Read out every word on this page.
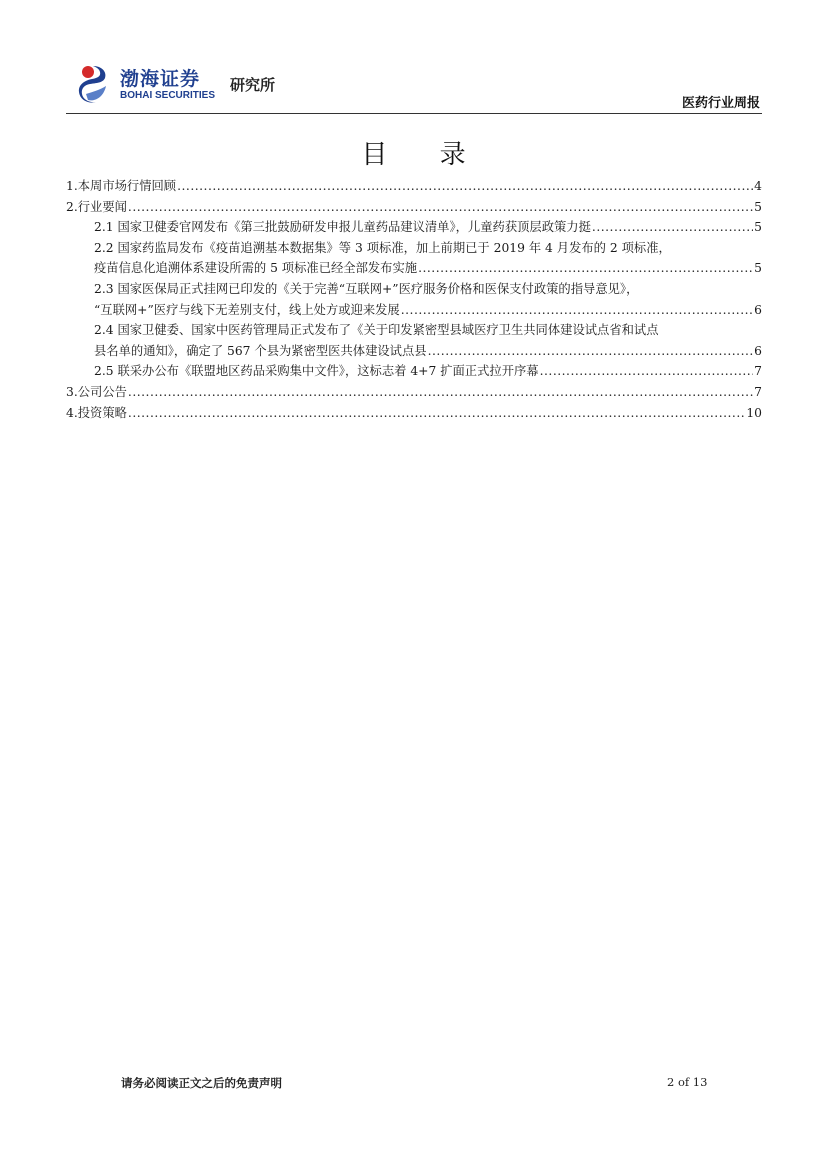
渤海证券
BOHAI SECURITIES
研究所
医药行业周报
目 录
1.本周市场行情回顾 .....	4
2.行业要闻 .....	5
2.1 国家卫健委官网发布《第三批鼓励研发申报儿童药品建议清单》，儿童药获顶层政策力挺 .....	5
2.2 国家药监局发布《疫苗追溯基本数据集》等 3 项标准，加上前期已于 2019 年 4 月发布的 2 项标准，
疫苗信息化追溯体系建设所需的 5 项标准已经全部发布实施 .....	5
2.3 国家医保局正式挂网已印发的《关于完善“互联网+”医疗服务价格和医保支付政策的指导意见》，
“互联网+”医疗与线下无差别支付，线上处方或迎来发展 .....	6
2.4 国家卫健委、国家中医药管理局正式发布了《关于印发紧密型县域医疗卫生共同体建设试点省和试点
县名单的通知》，确定了 567 个县为紧密型医共体建设试点县 .....	6
2.5 联采办公布《联盟地区药品采购集中文件》，这标志着 4+7 扩面正式拉开序幕 .....	7
3.公司公告 .....	7
4.投资策略 .....	10
请务必阅读正文之后的免责声明	2 of 13
